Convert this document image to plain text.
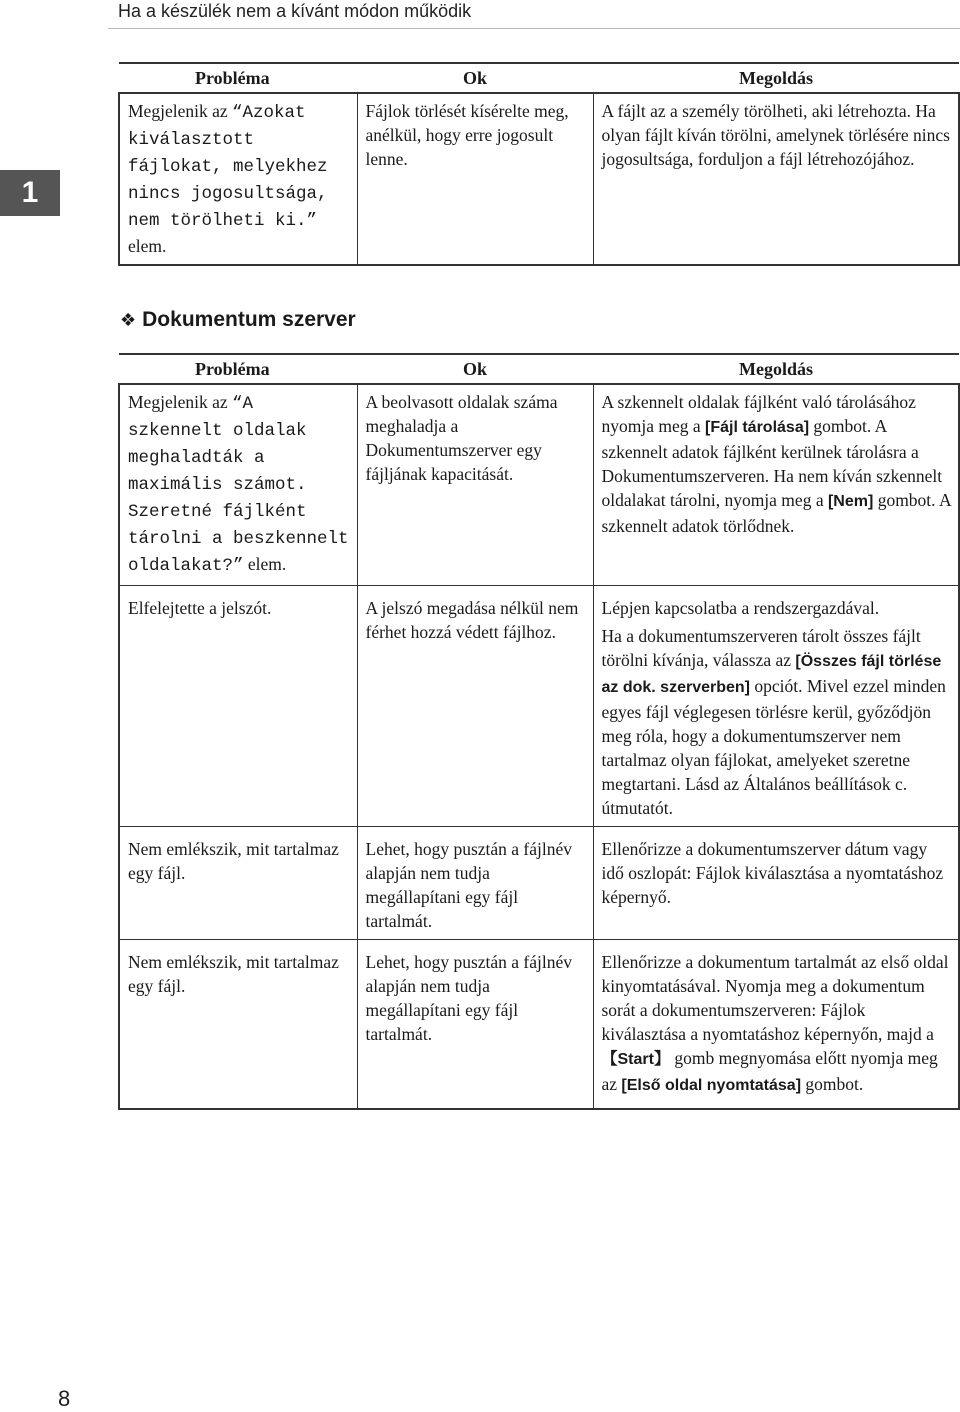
Ha a készülék nem a kívánt módon működik
1
Probléma	Ok	Megoldás
Megjelenik az “Azokat kiválasztott fájlokat, melyekhez nincs jogosultsága, nem törölheti ki.” elem.	Fájlok törlését kísérelte meg, anélkül, hogy erre jogosult lenne.	A fájlt az a személy törölheti, aki létrehozta. Ha olyan fájlt kíván törölni, amelynek törlésére nincs jogosultsága, forduljon a fájl létrehozójához.
❖ Dokumentum szerver
Probléma	Ok	Megoldás
Megjelenik az “A szkennelt oldalak meghaladták a maximális számot. Szeretné fájlként tárolni a beszkennelt oldalakat?” elem.	A beolvasott oldalak száma meghaladja a Dokumentumszerver egy fájljának kapacitását.	A szkennelt oldalak fájlként való tárolásához nyomja meg a [Fájl tárolása] gombot. A szkennelt adatok fájlként kerülnek tárolásra a Dokumentumszerveren. Ha nem kíván szkennelt oldalakat tárolni, nyomja meg a [Nem] gombot. A szkennelt adatok törlődnek.
Elfelejtette a jelszót.	A jelszó megadása nélkül nem férhet hozzá védett fájlhoz.	Lépjen kapcsolatba a rendszergazdával.
Ha a dokumentumszerveren tárolt összes fájlt törölni kívánja, válassza az [Összes fájl törlése az dok. szerverben] opciót. Mivel ezzel minden egyes fájl véglegesen törlésre kerül, győződjön meg róla, hogy a dokumentumszerver nem tartalmaz olyan fájlokat, amelyeket szeretne megtartani. Lásd az Általános beállítások c. útmutatót.
Nem emlékszik, mit tartalmaz egy fájl.	Lehet, hogy pusztán a fájlnév alapján nem tudja megállapítani egy fájl tartalmát.	Ellenőrizze a dokumentumszerver dátum vagy idő oszlopát: Fájlok kiválasztása a nyomtatáshoz képernyő.
Nem emlékszik, mit tartalmaz egy fájl.	Lehet, hogy pusztán a fájlnév alapján nem tudja megállapítani egy fájl tartalmát.	Ellenőrizze a dokumentum tartalmát az első oldal kinyomtatásával. Nyomja meg a dokumentum sorát a dokumentumszerveren: Fájlok kiválasztása a nyomtatáshoz képernyőn, majd a 【Start】 gomb megnyomása előtt nyomja meg az [Első oldal nyomtatása] gombot.
8
